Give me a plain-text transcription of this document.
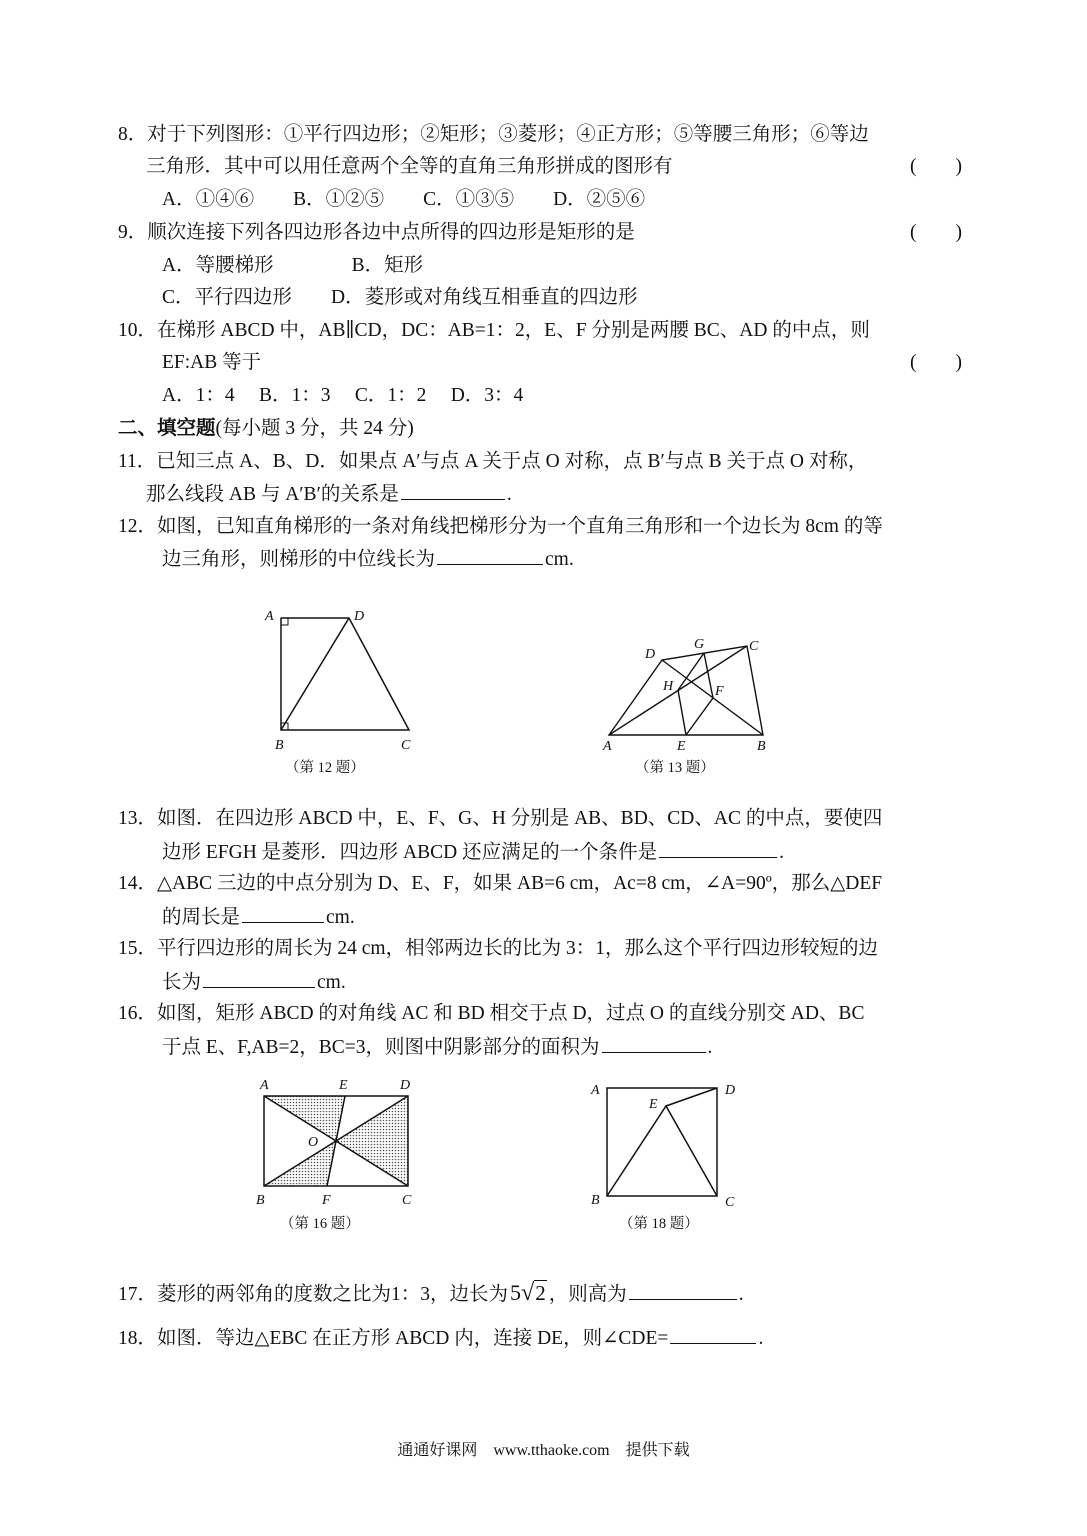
8．对于下列图形：①平行四边形；②矩形；③菱形；④正方形；⑤等腰三角形；⑥等边
三角形．其中可以用任意两个全等的直角三角形拼成的图形有	(　　)
A．①④⑥　　B．①②⑤　　C．①③⑤　　D．②⑤⑥
9．顺次连接下列各四边形各边中点所得的四边形是矩形的是	(　　)
A．等腰梯形　　　　B．矩形
C．平行四边形　　D．菱形或对角线互相垂直的四边形
10．在梯形 ABCD 中，AB∥CD，DC：AB=1：2，E、F 分别是两腰 BC、AD 的中点，则
EF:AB 等于	(　　)
A．1：4　 B．1：3　 C．1：2　 D．3：4
二、填空题(每小题 3 分，共 24 分)
11．已知三点 A、B、D．如果点 A′与点 A 关于点 O 对称，点 B′与点 B 关于点 O 对称，
那么线段 AB 与 A′B′的关系是	.
12．如图，已知直角梯形的一条对角线把梯形分为一个直角三角形和一个边长为 8cm 的等
边三角形，则梯形的中位线长为	cm.
A	D
B	C
（第 12 题）
D
G	C
H	F
A	E	B
（第 13 题）
13．如图．在四边形 ABCD 中，E、F、G、H 分别是 AB、BD、CD、AC 的中点，要使四
边形 EFGH 是菱形．四边形 ABCD 还应满足的一个条件是	.
14．△ABC 三边的中点分别为 D、E、F，如果 AB=6 cm，Ac=8 cm，∠A=90º，那么△DEF
的周长是	cm.
15．平行四边形的周长为 24 cm，相邻两边长的比为 3：1，那么这个平行四边形较短的边
长为	cm.
16．如图，矩形 ABCD 的对角线 AC 和 BD 相交于点 D，过点 O 的直线分别交 AD、BC
于点 E、F,AB=2，BC=3，则图中阴影部分的面积为	.
A	E	D
O
B	F	C
（第 16 题）
A
E
D
B	C
（第 18 题）
17．菱形的两邻角的度数之比为1：3，边长为5√2 ，则高为	.
18．如图．等边△EBC 在正方形 ABCD 内，连接 DE，则∠CDE=	.
通通好课网　www.tthaoke.com　提供下载
